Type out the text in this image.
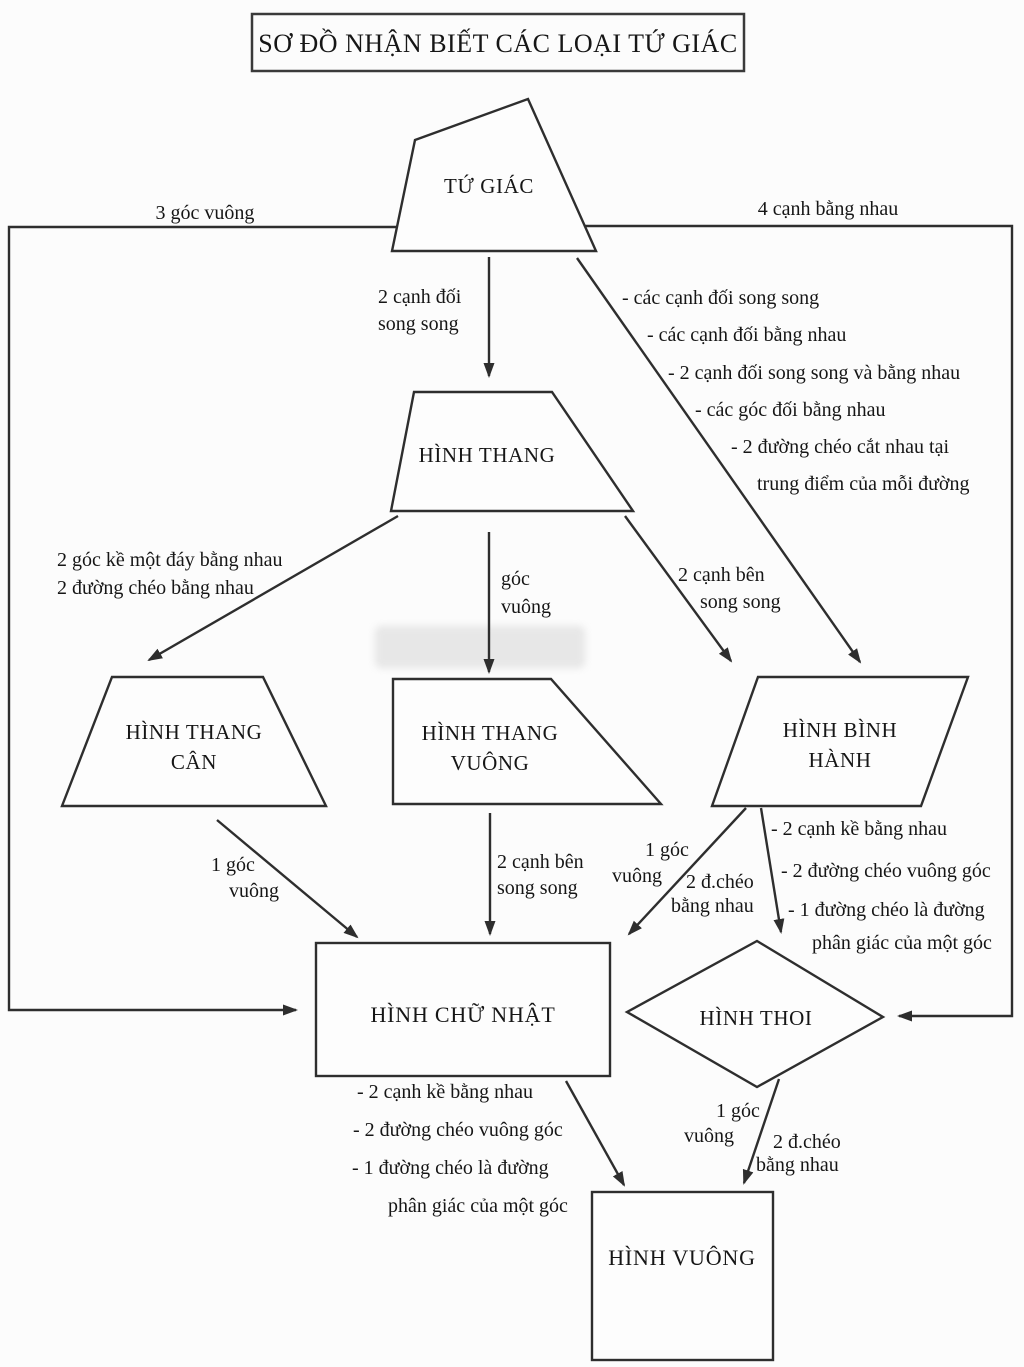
SƠ ĐỒ NHẬN BIẾT CÁC LOẠI TỨ GIÁC
TỨ GIÁC
3 góc vuông	4 cạnh bằng nhau
2 cạnh đối
song song
- các cạnh đối song song
- các cạnh đối bằng nhau
- 2 cạnh đối song song và bằng nhau
- các góc đối bằng nhau
- 2 đường chéo cắt nhau tại
trung điểm của mỗi đường
HÌNH THANG
2 góc kề một đáy bằng nhau
2 đường chéo bằng nhau	góc
vuông
2 cạnh bên
song song
HÌNH THANG
CÂN
HÌNH THANG
VUÔNG
HÌNH BÌNH
HÀNH
1 góc
vuông
2 cạnh bên
song song
1 góc
vuông 2 đ.chéo
bằng nhau
- 2 cạnh kề bằng nhau
- 2 đường chéo vuông góc
- 1 đường chéo là đường
phân giác của một góc
HÌNH CHỮ NHẬT	HÌNH THOI
- 2 cạnh kề bằng nhau
- 2 đường chéo vuông góc
- 1 đường chéo là đường
phân giác của một góc
1 góc
vuông 2 đ.chéo
bằng nhau
HÌNH VUÔNG
